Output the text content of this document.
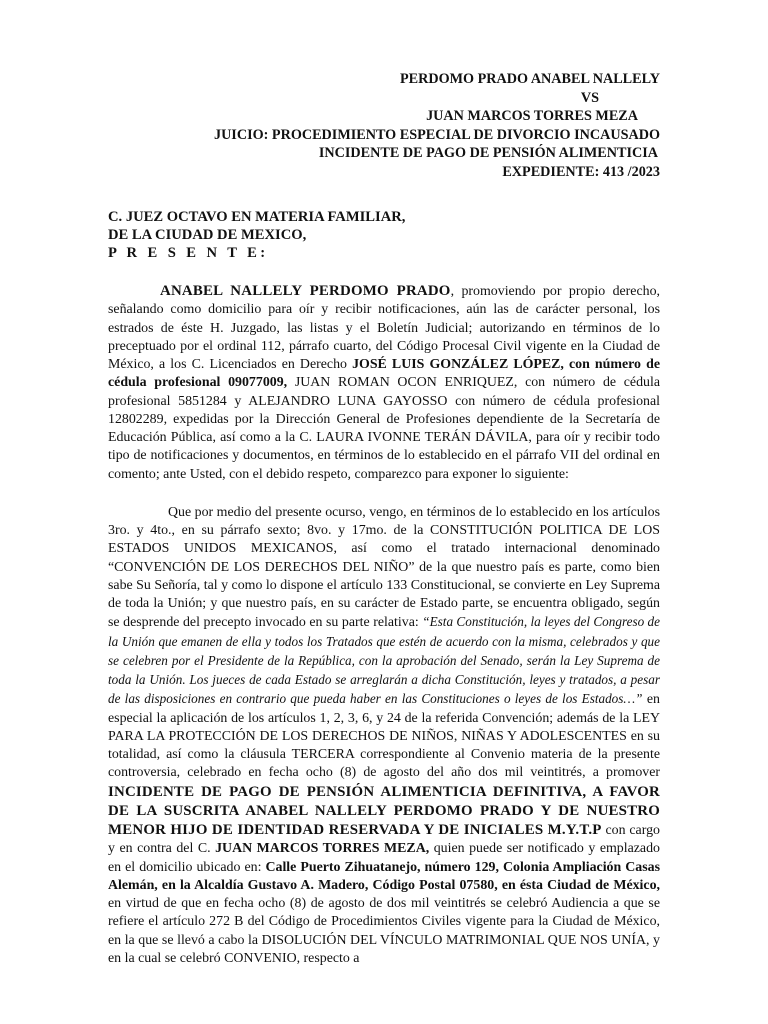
PERDOMO PRADO ANABEL NALLELY
VS
JUAN MARCOS TORRES MEZA
JUICIO: PROCEDIMIENTO ESPECIAL DE DIVORCIO INCAUSADO
INCIDENTE DE PAGO DE PENSIÓN ALIMENTICIA
EXPEDIENTE: 413 /2023
C. JUEZ OCTAVO EN MATERIA FAMILIAR,
DE LA CIUDAD DE MEXICO,
P R E S E N T E:

ANABEL NALLELY PERDOMO PRADO, promoviendo por propio derecho, señalando como domicilio para oír y recibir notificaciones, aún las de carácter personal, los estrados de éste H. Juzgado, las listas y el Boletín Judicial; autorizando en términos de lo preceptuado por el ordinal 112, párrafo cuarto, del Código Procesal Civil vigente en la Ciudad de México, a los C. Licenciados en Derecho JOSÉ LUIS GONZÁLEZ LÓPEZ, con número de cédula profesional 09077009, JUAN ROMAN OCON ENRIQUEZ, con número de cédula profesional 5851284 y ALEJANDRO LUNA GAYOSSO con número de cédula profesional 12802289, expedidas por la Dirección General de Profesiones dependiente de la Secretaría de Educación Pública, así como a la C. LAURA IVONNE TERÁN DÁVILA, para oír y recibir todo tipo de notificaciones y documentos, en términos de lo establecido en el párrafo VII del ordinal en comento; ante Usted, con el debido respeto, comparezco para exponer lo siguiente:

Que por medio del presente ocurso, vengo, en términos de lo establecido en los artículos 3ro. y 4to., en su párrafo sexto; 8vo. y 17mo. de la CONSTITUCIÓN POLITICA DE LOS ESTADOS UNIDOS MEXICANOS, así como el tratado internacional denominado “CONVENCIÓN DE LOS DERECHOS DEL NIÑO” de la que nuestro país es parte, como bien sabe Su Señoría, tal y como lo dispone el artículo 133 Constitucional, se convierte en Ley Suprema de toda la Unión; y que nuestro país, en su carácter de Estado parte, se encuentra obligado, según se desprende del precepto invocado en su parte relativa: “Esta Constitución, la leyes del Congreso de la Unión que emanen de ella y todos los Tratados que estén de acuerdo con la misma, celebrados y que se celebren por el Presidente de la República, con la aprobación del Senado, serán la Ley Suprema de toda la Unión. Los jueces de cada Estado se arreglarán a dicha Constitución, leyes y tratados, a pesar de las disposiciones en contrario que pueda haber en las Constituciones o leyes de los Estados…” en especial la aplicación de los artículos 1, 2, 3, 6, y 24 de la referida Convención; además de la LEY PARA LA PROTECCIÓN DE LOS DERECHOS DE NIÑOS, NIÑAS Y ADOLESCENTES en su totalidad, así como la cláusula TERCERA correspondiente al Convenio materia de la presente controversia, celebrado en fecha ocho (8) de agosto del año dos mil veintitrés, a promover INCIDENTE DE PAGO DE PENSIÓN ALIMENTICIA DEFINITIVA, A FAVOR DE LA SUSCRITA ANABEL NALLELY PERDOMO PRADO Y DE NUESTRO MENOR HIJO DE IDENTIDAD RESERVADA Y DE INICIALES M.Y.T.P con cargo y en contra del C. JUAN MARCOS TORRES MEZA, quien puede ser notificado y emplazado en el domicilio ubicado en: Calle Puerto Zihuatanejo, número 129, Colonia Ampliación Casas Alemán, en la Alcaldía Gustavo A. Madero, Código Postal 07580, en ésta Ciudad de México, en virtud de que en fecha ocho (8) de agosto de dos mil veintitrés se celebró Audiencia a que se refiere el artículo 272 B del Código de Procedimientos Civiles vigente para la Ciudad de México, en la que se llevó a cabo la DISOLUCIÓN DEL VÍNCULO MATRIMONIAL QUE NOS UNÍA, y en la cual se celebró CONVENIO, respecto a
